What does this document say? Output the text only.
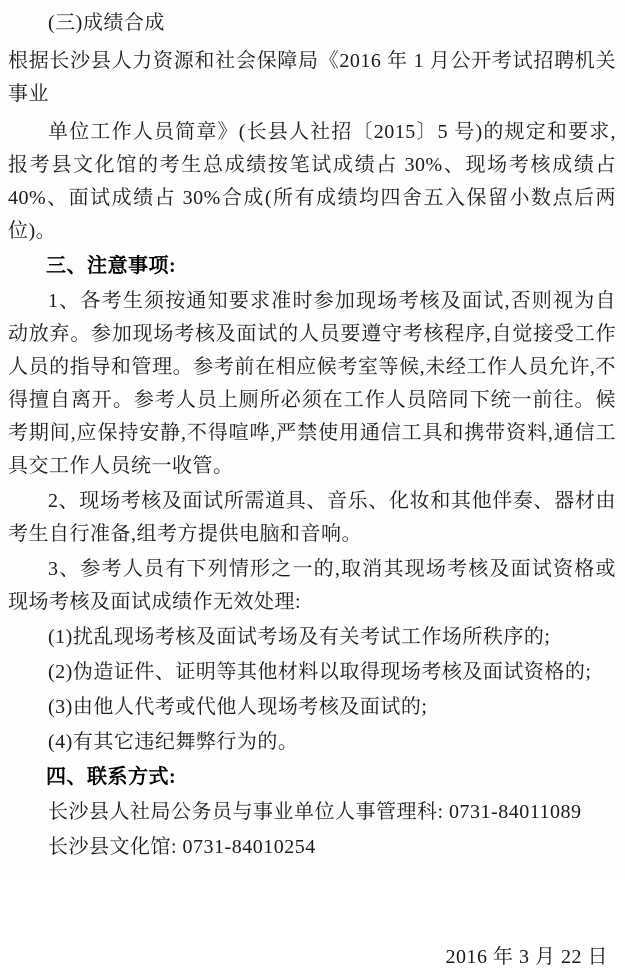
(三)成绩合成

根据长沙县人力资源和社会保障局《2016 年 1 月公开考试招聘机关事业

单位工作人员简章》(长县人社招〔2015〕5 号)的规定和要求,报考县文化馆的考生总成绩按笔试成绩占 30%、现场考核成绩占 40%、面试成绩占 30%合成(所有成绩均四舍五入保留小数点后两位)。

三、注意事项:

1、各考生须按通知要求准时参加现场考核及面试,否则视为自动放弃。参加现场考核及面试的人员要遵守考核程序,自觉接受工作人员的指导和管理。参考前在相应候考室等候,未经工作人员允许,不得擅自离开。参考人员上厕所必须在工作人员陪同下统一前往。候考期间,应保持安静,不得喧哗,严禁使用通信工具和携带资料,通信工具交工作人员统一收管。

2、现场考核及面试所需道具、音乐、化妆和其他伴奏、器材由考生自行准备,组考方提供电脑和音响。

3、参考人员有下列情形之一的,取消其现场考核及面试资格或现场考核及面试成绩作无效处理:

(1)扰乱现场考核及面试考场及有关考试工作场所秩序的;

(2)伪造证件、证明等其他材料以取得现场考核及面试资格的;

(3)由他人代考或代他人现场考核及面试的;

(4)有其它违纪舞弊行为的。

四、联系方式:

长沙县人社局公务员与事业单位人事管理科: 0731-84011089

长沙县文化馆: 0731-84010254

2016 年 3 月 22 日
